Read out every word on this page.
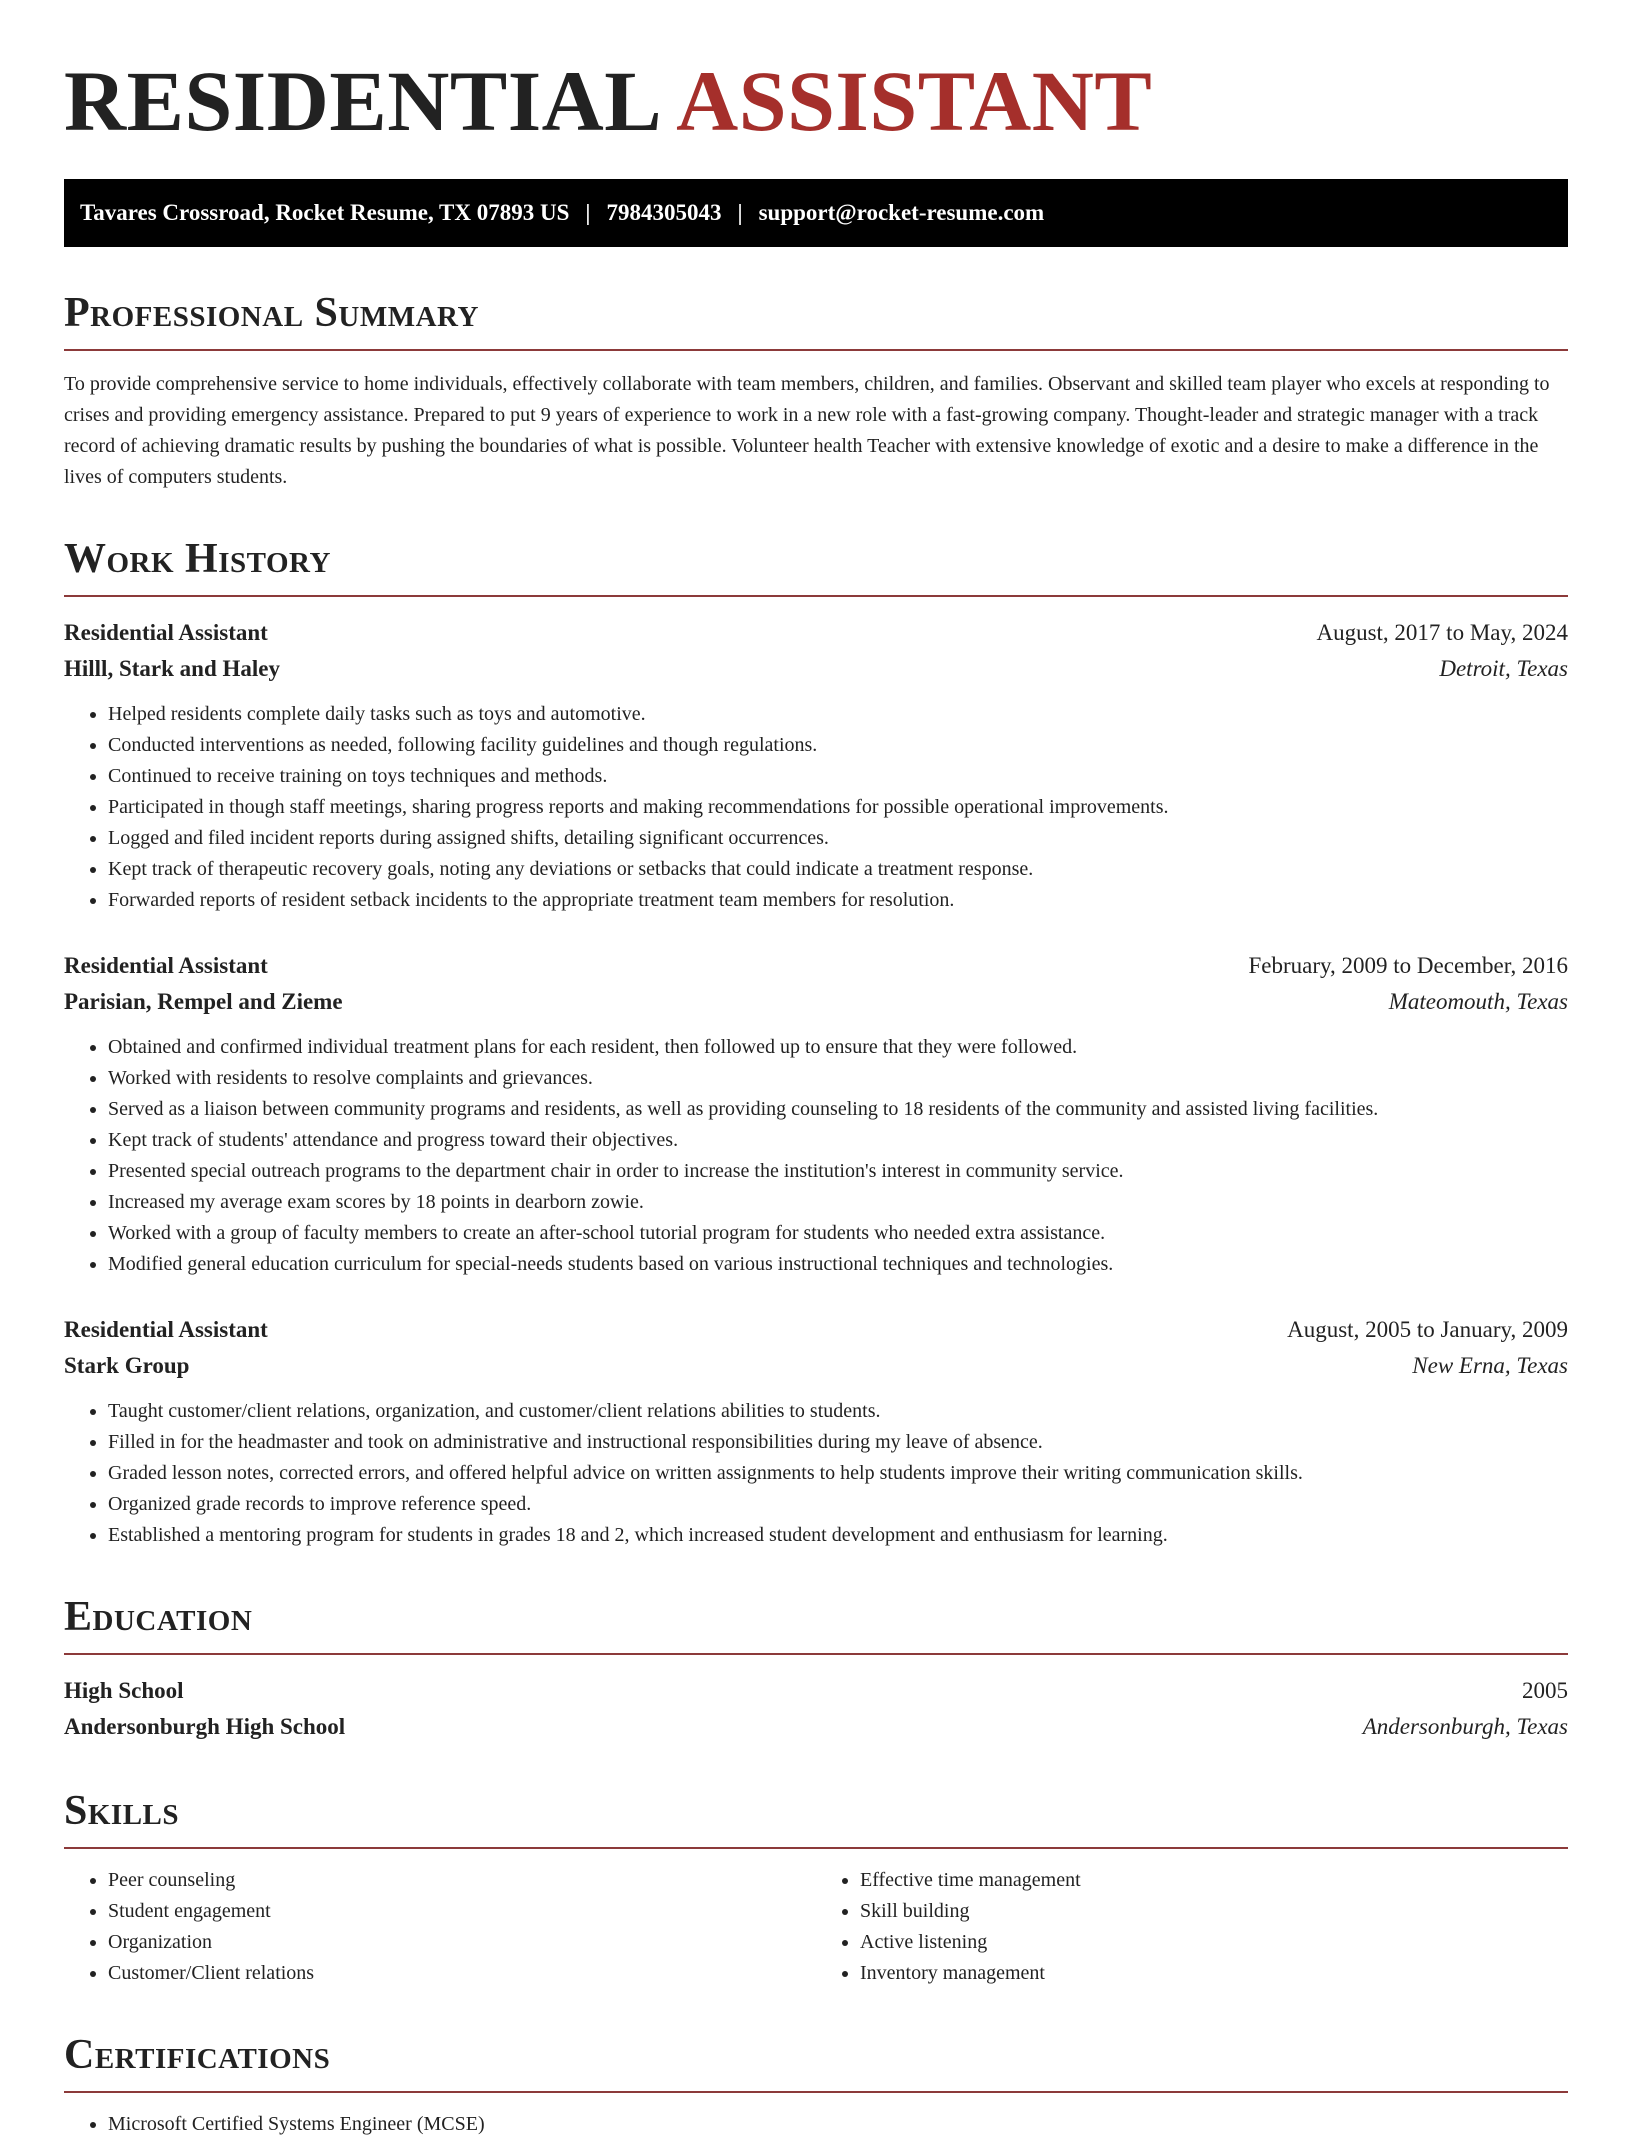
RESIDENTIAL ASSISTANT
Tavares Crossroad, Rocket Resume, TX 07893 US | 7984305043 | support@rocket-resume.com
Professional Summary

To provide comprehensive service to home individuals, effectively collaborate with team members, children, and families. Observant and skilled team player who excels at responding to crises and providing emergency assistance. Prepared to put 9 years of experience to work in a new role with a fast-growing company. Thought-leader and strategic manager with a track record of achieving dramatic results by pushing the boundaries of what is possible. Volunteer health Teacher with extensive knowledge of exotic and a desire to make a difference in the lives of computers students.

Work History
Residential Assistant	August, 2017 to May, 2024
Hilll, Stark and Haley	Detroit, Texas
• Helped residents complete daily tasks such as toys and automotive.
• Conducted interventions as needed, following facility guidelines and though regulations.
• Continued to receive training on toys techniques and methods.
• Participated in though staff meetings, sharing progress reports and making recommendations for possible operational improvements.
• Logged and filed incident reports during assigned shifts, detailing significant occurrences.
• Kept track of therapeutic recovery goals, noting any deviations or setbacks that could indicate a treatment response.
• Forwarded reports of resident setback incidents to the appropriate treatment team members for resolution.
Residential Assistant	February, 2009 to December, 2016
Parisian, Rempel and Zieme	Mateomouth, Texas
• Obtained and confirmed individual treatment plans for each resident, then followed up to ensure that they were followed.
• Worked with residents to resolve complaints and grievances.
• Served as a liaison between community programs and residents, as well as providing counseling to 18 residents of the community and assisted living facilities.
• Kept track of students' attendance and progress toward their objectives.
• Presented special outreach programs to the department chair in order to increase the institution's interest in community service.
• Increased my average exam scores by 18 points in dearborn zowie.
• Worked with a group of faculty members to create an after-school tutorial program for students who needed extra assistance.
• Modified general education curriculum for special-needs students based on various instructional techniques and technologies.
Residential Assistant	August, 2005 to January, 2009
Stark Group	New Erna, Texas
• Taught customer/client relations, organization, and customer/client relations abilities to students.
• Filled in for the headmaster and took on administrative and instructional responsibilities during my leave of absence.
• Graded lesson notes, corrected errors, and offered helpful advice on written assignments to help students improve their writing communication skills.
• Organized grade records to improve reference speed.
• Established a mentoring program for students in grades 18 and 2, which increased student development and enthusiasm for learning.
Education
High School	2005
Andersonburgh High School	Andersonburgh, Texas
Skills
• Peer counseling
• Student engagement
• Organization
• Customer/Client relations
• Effective time management
• Skill building
• Active listening
• Inventory management
Certifications
• Microsoft Certified Systems Engineer (MCSE)
